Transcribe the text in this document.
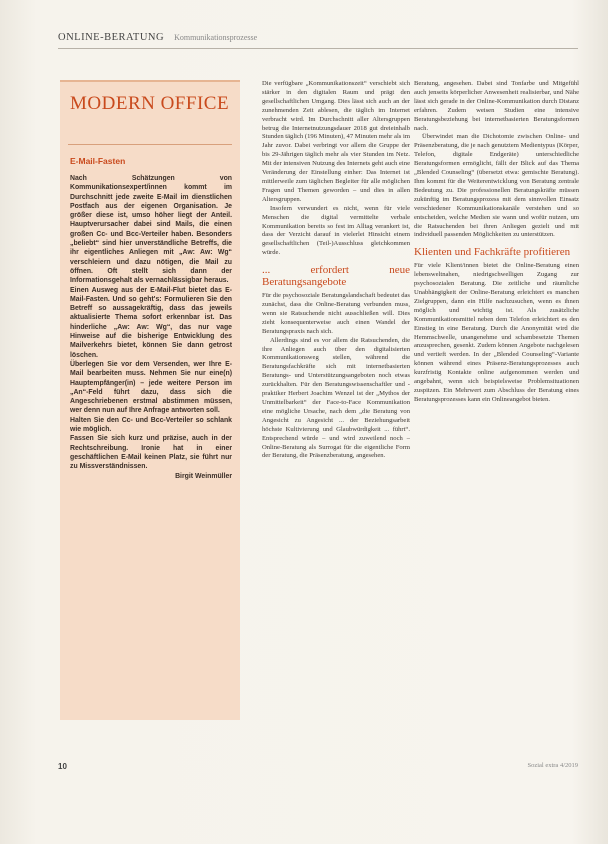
ONLINE-BERATUNG Kommunikationsprozesse
MODERN OFFICE
E-Mail-Fasten

Nach Schätzungen von Kommunikationsexpert/innen kommt im Durchschnitt jede zweite E-Mail im dienstlichen Postfach aus der eigenen Organisation. Je größer diese ist, umso höher liegt der Anteil. Hauptverursacher dabei sind Mails, die einen großen Cc- und Bcc-Verteiler haben. Besonders „beliebt“ sind hier unverständliche Betreffs, die ihr eigentliches Anliegen mit „Aw: Aw: Wg“ verschleiern und dazu nötigen, die Mail zu öffnen. Oft stellt sich dann der Informationsgehalt als vernachlässigbar heraus.

Einen Ausweg aus der E-Mail-Flut bietet das E-Mail-Fasten. Und so geht's: Formulieren Sie den Betreff so aussagekräftig, dass das jeweils aktualisierte Thema sofort erkennbar ist. Das hinderliche „Aw: Aw: Wg“, das nur vage Hinweise auf die bisherige Entwicklung des Mailverkehrs bietet, können Sie dann getrost löschen.

Überlegen Sie vor dem Versenden, wer Ihre E-Mail bearbeiten muss. Nehmen Sie nur eine(n) Hauptempfänger(in) – jede weitere Person im „An“-Feld führt dazu, dass sich die Angeschriebenen erstmal abstimmen müssen, wer denn nun auf Ihre Anfrage antworten soll.

Halten Sie den Cc- und Bcc-Verteiler so schlank wie möglich.

Fassen Sie sich kurz und präzise, auch in der Rechtschreibung. Ironie hat in einer geschäftlichen E-Mail keinen Platz, sie führt nur zu Missverständnissen.

Birgit Weinmüller

Die verfügbare „Kommunikationszeit“ verschiebt sich stärker in den digitalen Raum und prägt den gesellschaftlichen Umgang. Dies lässt sich auch an der zunehmenden Zeit ablesen, die täglich im Internet verbracht wird. Im Durchschnitt aller Altersgruppen betrug die Internetnutzungsdauer 2018 gut dreieinhalb Stunden täglich (196 Minuten), 47 Minuten mehr als im Jahr zuvor. Dabei verbringt vor allem die Gruppe der bis 29-Jährigen täglich mehr als vier Stunden im Netz. Mit der intensiven Nutzung des Internets geht auch eine Veränderung der Einstellung einher: Das Internet ist mittlerweile zum täglichen Begleiter für alle möglichen Fragen und Themen geworden – und dies in allen Altersgruppen.

Insofern verwundert es nicht, wenn für viele Menschen die digital vermittelte verbale Kommunikation bereits so fest im Alltag verankert ist, dass der Verzicht darauf in vielerlei Hinsicht einem gesellschaftlichen (Teil-)Ausschluss gleichkommen würde.

... erfordert neue Beratungsangebote

Für die psychosoziale Beratungslandschaft bedeutet das zunächst, dass die Online-Beratung verbunden muss, wenn sie Ratsuchende nicht ausschließen will. Dies zieht konsequenterweise auch einen Wandel der Beratungspraxis nach sich.

Allerdings sind es vor allem die Ratsuchenden, die ihre Anliegen auch über den digitalisierten Kommunikationsweg stellen, während die Beratungsfachkräfte sich mit internetbasierten Beratungs- und Unterstützungsangeboten noch etwas zurückhalten. Für den Beratungswissenschaftler und -praktiker Herbert Joachim Wenzel ist der „Mythos der Unmittelbarkeit“ der Face-to-Face Kommunikation eine mögliche Ursache, nach dem „die Beratung von Angesicht zu Angesicht ... der Beziehungsarbeit höchste Kultivierung und Glaubwürdigkeit ... führt“. Entsprechend würde – und wird zuweilend noch – Online-Beratung als Surrogat für die eigentliche Form der Beratung, die Präsenzberatung, angesehen.

Beratung, angesehen. Dabei sind Tonfarbe und Mitgefühl auch jenseits körperlicher Anwesenheit realisierbar, und Nähe lässt sich gerade in der Online-Kommunikation durch Distanz erfahren. Zudem weisen Studien eine intensive Beratungsbeziehung bei internetbasierten Beratungsformen nach.

Überwindet man die Dichotomie zwischen Online- und Präsenzberatung, die je nach genutztem Medientypus (Körper, Telefon, digitale Endgeräte) unterschiedliche Beratungsformen ermöglicht, fällt der Blick auf das Thema „Blended Counseling“ (übersetzt etwa: gemischte Beratung). Ihm kommt für die Weiterentwicklung von Beratung zentrale Bedeutung zu. Die professionellen Beratungskräfte müssen zukünftig im Beratungsprozess mit dem sinnvollen Einsatz verschiedener Kommunikationskanäle verstehen und so entscheiden, welche Medien sie wann und wofür nutzen, um die Ratsuchenden bei ihren Anliegen gezielt und mit individuell passenden Möglichkeiten zu unterstützen.

Klienten und Fachkräfte profitieren

Für viele Klient/innen bietet die Online-Beratung einen lebensweltnahen, niedrigschwelligen Zugang zur psychosozialen Beratung. Die zeitliche und räumliche Unabhängigkeit der Online-Beratung erleichtert es manchen Zielgruppen, dann ein Hilfe nachzusuchen, wenn es ihnen möglich und wichtig ist. Als zusätzliche Kommunikationsmittel neben dem Telefon erleichtert es den Einstieg in eine Beratung. Durch die Anonymität wird die Hemmschwelle, unangenehme und schambesetzte Themen anzusprechen, gesenkt. Zudem können Angebote nachgelesen und vertieft werden. In der „Blended Counseling“-Variante können während eines Präsenz-Beratungsprozesses auch kurzfristig Kontakte online aufgenommen werden und angebahnt, wenn sich beispielsweise Problemsituationen zuspitzen. Ein Mehrwert zum Abschluss der Beratung eines Beratungsprozesses kann ein Onlineangebot bieten.

10	Sozial extra 4/2019
